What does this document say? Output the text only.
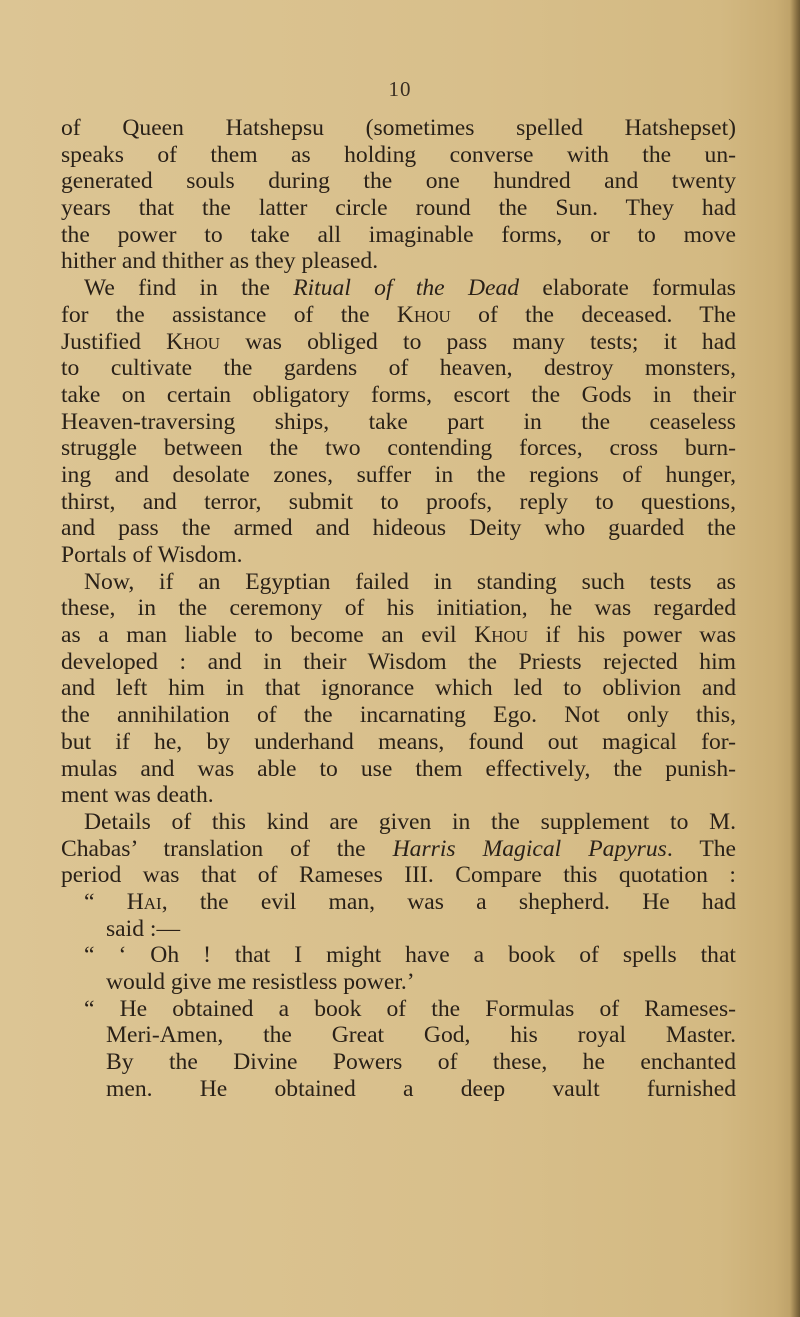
10
of Queen Hatshepsu (sometimes spelled Hatshepset)
speaks of them as holding converse with the un-
generated souls during the one hundred and twenty
years that the latter circle round the Sun. They had
the power to take all imaginable forms, or to move
hither and thither as they pleased.
We find in the Ritual of the Dead elaborate formulas
for the assistance of the Khou of the deceased. The
Justified Khou was obliged to pass many tests; it had
to cultivate the gardens of heaven, destroy monsters,
take on certain obligatory forms, escort the Gods in their
Heaven-traversing ships, take part in the ceaseless
struggle between the two contending forces, cross burn-
ing and desolate zones, suffer in the regions of hunger,
thirst, and terror, submit to proofs, reply to questions,
and pass the armed and hideous Deity who guarded the
Portals of Wisdom.
Now, if an Egyptian failed in standing such tests as
these, in the ceremony of his initiation, he was regarded
as a man liable to become an evil Khou if his power was
developed : and in their Wisdom the Priests rejected him
and left him in that ignorance which led to oblivion and
the annihilation of the incarnating Ego. Not only this,
but if he, by underhand means, found out magical for-
mulas and was able to use them effectively, the punish-
ment was death.
Details of this kind are given in the supplement to M.
Chabas’ translation of the Harris Magical Papyrus. The
period was that of Rameses III. Compare this quotation :
“ Hai, the evil man, was a shepherd. He had
said :—
“ ‘ Oh ! that I might have a book of spells that
would give me resistless power.’
“ He obtained a book of the Formulas of Rameses-
Meri-Amen, the Great God, his royal Master.
By the Divine Powers of these, he enchanted
men. He obtained a deep vault furnished
